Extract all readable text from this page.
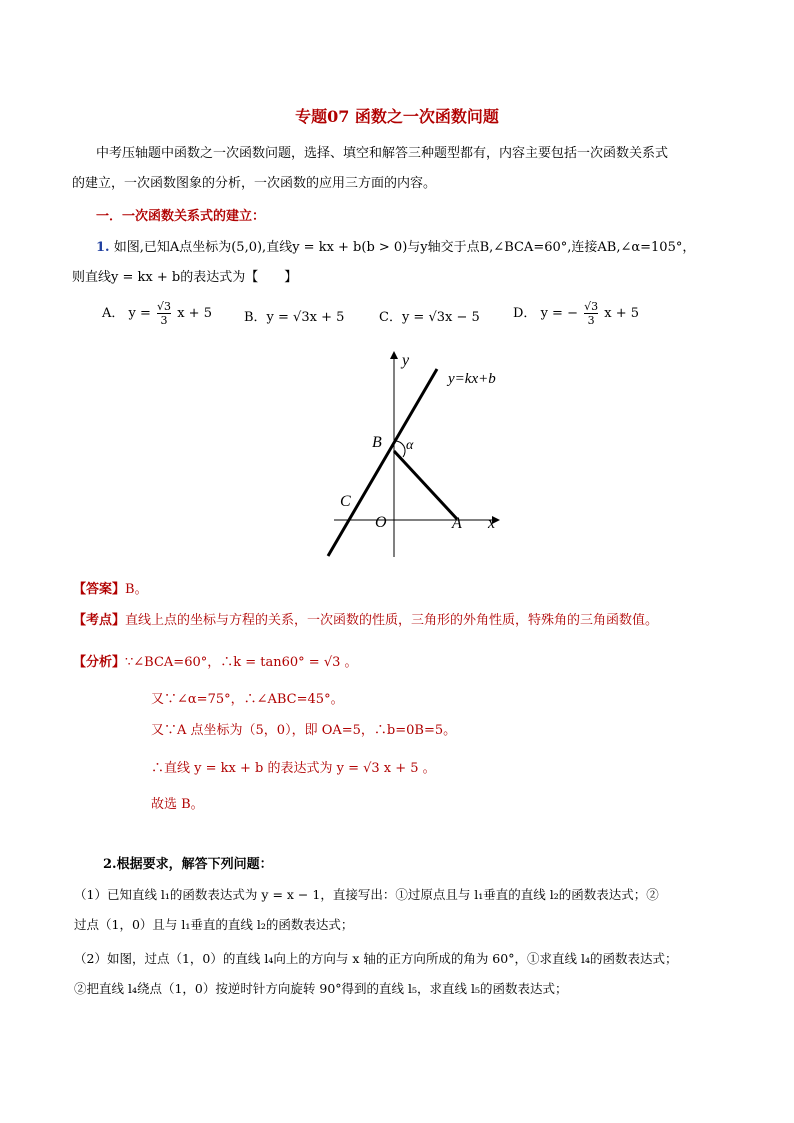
专题07 函数之一次函数问题
中考压轴题中函数之一次函数问题，选择、填空和解答三种题型都有，内容主要包括一次函数关系式
的建立，一次函数图象的分析，一次函数的应用三方面的内容。
一．一次函数关系式的建立：
1. 如图,已知A点坐标为(5,0),直线y = kx + b(b > 0)与y轴交于点B,∠BCA=60°,连接AB,∠α=105°，
则直线y = kx + b的表达式为【　　】
A． $y = \frac{√3}{3}$ x + 5 B．y = √3x + 5	C．y = √3x − 5	D． y = − $\frac{√3}{3}$ x + 5
y=kx+b
y
x
B α
C
O	A
【答案】B。
【考点】直线上点的坐标与方程的关系，一次函数的性质，三角形的外角性质，特殊角的三角函数值。
【分析】∵∠BCA=60°，∴k = tan60° = √3 。
又∵∠α=75°，∴∠ABC=45°。
又∵A 点坐标为（5，0），即 OA=5，∴b=0B=5。
∴直线 y = kx + b 的表达式为 y = √3 x + 5 。
故选 B。
2.根据要求，解答下列问题：
（1）已知直线 l₁的函数表达式为 y = x − 1，直接写出：①过原点且与 l₁垂直的直线 l₂的函数表达式；②
过点（1，0）且与 l₁垂直的直线 l₂的函数表达式；
（2）如图，过点（1，0）的直线 l₄向上的方向与 x 轴的正方向所成的角为 60°，①求直线 l₄的函数表达式；
②把直线 l₄绕点（1，0）按逆时针方向旋转 90°得到的直线 l₅，求直线 l₅的函数表达式；
